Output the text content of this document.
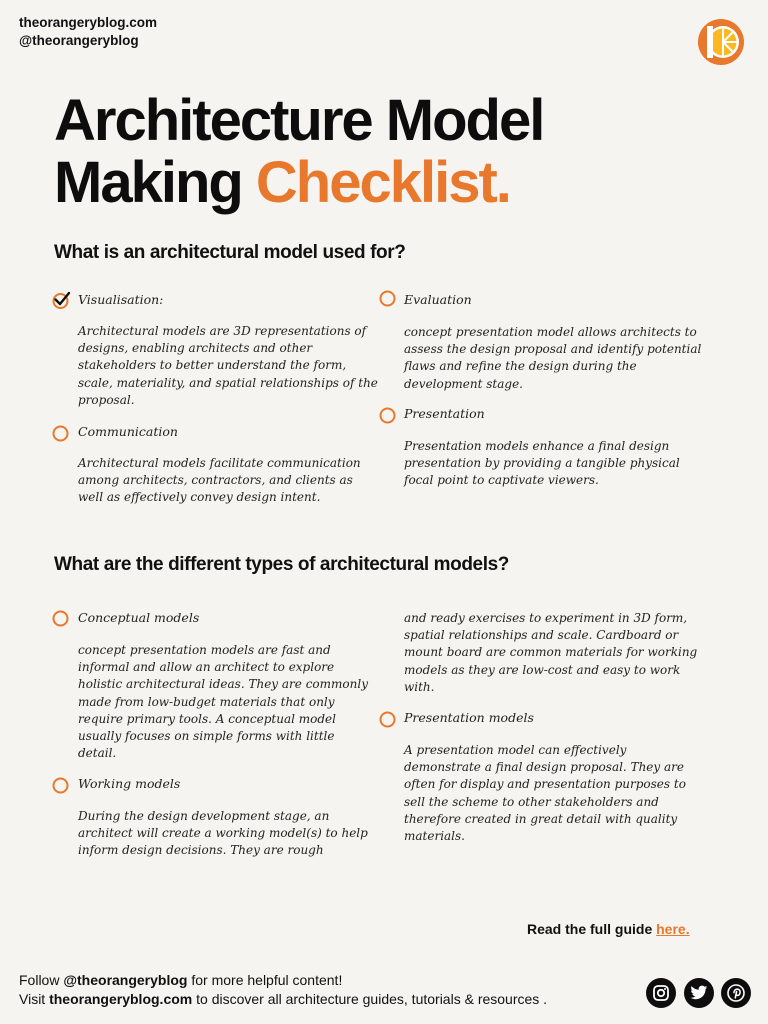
theorangeryblog.com
@theorangeryblog
Architecture Model
Making Checklist.
What is an architectural model used for?
Visualisation:
Architectural models are 3D representations of designs, enabling architects and other stakeholders to better understand the form, scale, materiality, and spatial relationships of the proposal.
Communication
Architectural models facilitate communication among architects, contractors, and clients as well as effectively convey design intent.
Evaluation
concept presentation model allows architects to assess the design proposal and identify potential flaws and refine the design during the development stage.
Presentation
Presentation models enhance a final design presentation by providing a tangible physical focal point to captivate viewers.
What are the different types of architectural models?
Conceptual models
concept presentation models are fast and informal and allow an architect to explore holistic architectural ideas. They are commonly made from low-budget materials that only require primary tools. A conceptual model usually focuses on simple forms with little detail.
Working models
During the design development stage, an architect will create a working model(s) to help inform design decisions. They are rough
and ready exercises to experiment in 3D form, spatial relationships and scale. Cardboard or mount board are common materials for working models as they are low-cost and easy to work with.
Presentation models
A presentation model can effectively demonstrate a final design proposal. They are often for display and presentation purposes to sell the scheme to other stakeholders and therefore created in great detail with quality materials.
Read the full guide here.
Follow @theorangeryblog for more helpful content!
Visit theorangeryblog.com to discover all architecture guides, tutorials & resources .
